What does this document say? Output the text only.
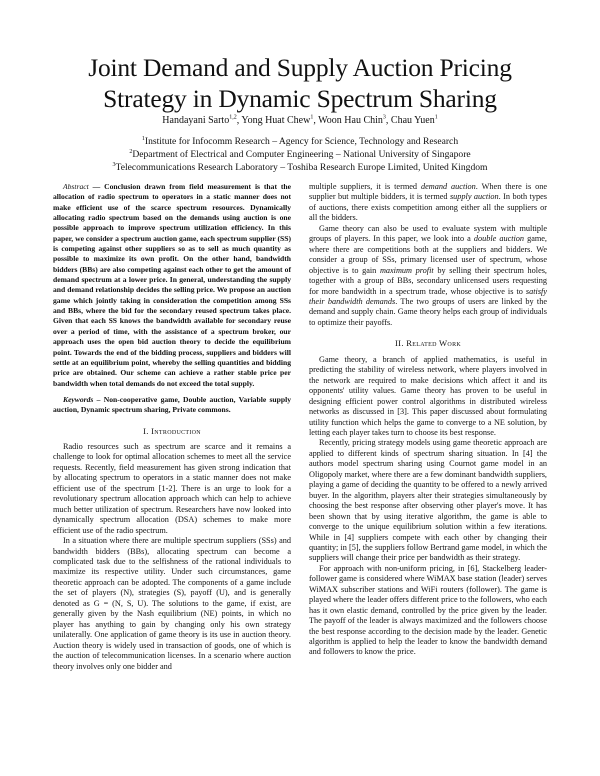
Joint Demand and Supply Auction Pricing
Strategy in Dynamic Spectrum Sharing
Handayani Sarto$^{1,2}$, Yong Huat Chew$^1$, Woon Hau Chin$^3$, Chau Yuen$^1$
$^1$Institute for Infocomm Research – Agency for Science, Technology and Research
$^2$Department of Electrical and Computer Engineering – National University of Singapore
$^3$Telecommunications Research Laboratory – Toshiba Research Europe Limited, United Kingdom

Abstract — Conclusion drawn from field measurement is that the allocation of radio spectrum to operators in a static manner does not make efficient use of the scarce spectrum resources. Dynamically allocating radio spectrum based on the demands using auction is one possible approach to improve spectrum utilization efficiency. In this paper, we consider a spectrum auction game, each spectrum supplier (SS) is competing against other suppliers so as to sell as much quantity as possible to maximize its own profit. On the other hand, bandwidth bidders (BBs) are also competing against each other to get the amount of demand spectrum at a lower price. In general, understanding the supply and demand relationship decides the selling price. We propose an auction game which jointly taking in consideration the competition among SSs and BBs, where the bid for the secondary reused spectrum takes place. Given that each SS knows the bandwidth available for secondary reuse over a period of time, with the assistance of a spectrum broker, our approach uses the open bid auction theory to decide the equilibrium point. Towards the end of the bidding process, suppliers and bidders will settle at an equilibrium point, whereby the selling quantities and bidding price are obtained. Our scheme can achieve a rather stable price per bandwidth when total demands do not exceed the total supply.

Keywords – Non-cooperative game, Double auction, Variable supply auction, Dynamic spectrum sharing, Private commons.

I. Introduction

Radio resources such as spectrum are scarce and it remains a challenge to look for optimal allocation schemes to meet all the service requests. Recently, field measurement has given strong indication that by allocating spectrum to operators in a static manner does not make efficient use of the spectrum [1-2]. There is an urge to look for a revolutionary spectrum allocation approach which can help to achieve much better utilization of spectrum. Researchers have now looked into dynamically spectrum allocation (DSA) schemes to make more efficient use of the radio spectrum.

In a situation where there are multiple spectrum suppliers (SSs) and bandwidth bidders (BBs), allocating spectrum can become a complicated task due to the selfishness of the rational individuals to maximize its respective utility. Under such circumstances, game theoretic approach can be adopted. The components of a game include the set of players (N), strategies (S), payoff (U), and is generally denoted as G = (N, S, U). The solutions to the game, if exist, are generally given by the Nash equilibrium (NE) points, in which no player has anything to gain by changing only his own strategy unilaterally. One application of game theory is its use in auction theory. Auction theory is widely used in transaction of goods, one of which is the auction of telecommunication licenses. In a scenario where auction theory involves only one bidder and

multiple suppliers, it is termed demand auction. When there is one supplier but multiple bidders, it is termed supply auction. In both types of auctions, there exists competition among either all the suppliers or all the bidders.

Game theory can also be used to evaluate system with multiple groups of players. In this paper, we look into a double auction game, where there are competitions both at the suppliers and bidders. We consider a group of SSs, primary licensed user of spectrum, whose objective is to gain maximum profit by selling their spectrum holes, together with a group of BBs, secondary unlicensed users requesting for more bandwidth in a spectrum trade, whose objective is to satisfy their bandwidth demands. The two groups of users are linked by the demand and supply chain. Game theory helps each group of individuals to optimize their payoffs.

II. Related Work

Game theory, a branch of applied mathematics, is useful in predicting the stability of wireless network, where players involved in the network are required to make decisions which affect it and its opponents' utility values. Game theory has proven to be useful in designing efficient power control algorithms in distributed wireless networks as discussed in [3]. This paper discussed about formulating utility function which helps the game to converge to a NE solution, by letting each player takes turn to choose its best response.

Recently, pricing strategy models using game theoretic approach are applied to different kinds of spectrum sharing situation. In [4] the authors model spectrum sharing using Cournot game model in an Oligopoly market, where there are a few dominant bandwidth suppliers, playing a game of deciding the quantity to be offered to a newly arrived buyer. In the algorithm, players alter their strategies simultaneously by choosing the best response after observing other player's move. It has been shown that by using iterative algorithm, the game is able to converge to the unique equilibrium solution within a few iterations. While in [4] suppliers compete with each other by changing their quantity; in [5], the suppliers follow Bertrand game model, in which the suppliers will change their price per bandwidth as their strategy.

For approach with non-uniform pricing, in [6], Stackelberg leader-follower game is considered where WiMAX base station (leader) serves WiMAX subscriber stations and WiFi routers (follower). The game is played where the leader offers different price to the followers, who each has it own elastic demand, controlled by the price given by the leader. The payoff of the leader is always maximized and the followers choose the best response according to the decision made by the leader. Genetic algorithm is applied to help the leader to know the bandwidth demand and followers to know the price.
